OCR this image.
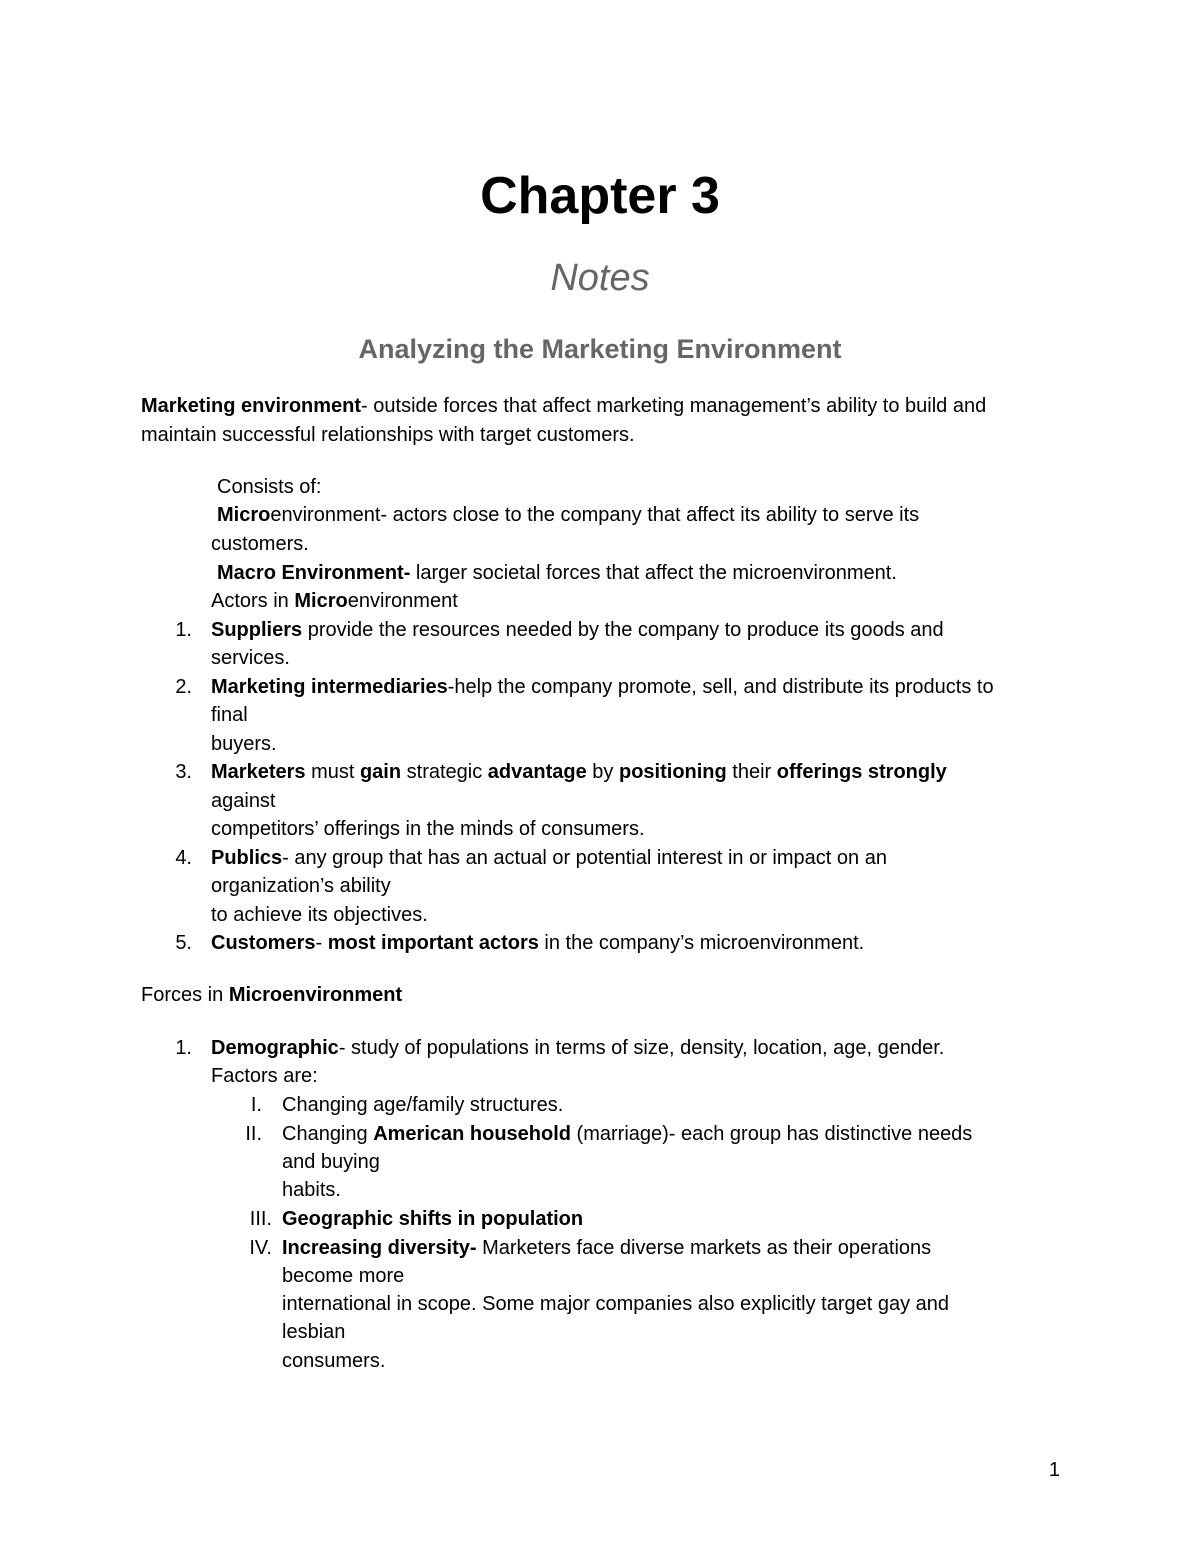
Chapter 3
Notes
Analyzing the Marketing Environment
Marketing environment- outside forces that affect marketing management’s ability to build and
maintain successful relationships with target customers.
Consists of:
Microenvironment- actors close to the company that affect its ability to serve its
customers.
Macro Environment- larger societal forces that affect the microenvironment.
Actors in Microenvironment
1. Suppliers provide the resources needed by the company to produce its goods and
services.
2. Marketing intermediaries-help the company promote, sell, and distribute its products to
final
buyers.
3. Marketers must gain strategic advantage by positioning their offerings strongly
against
competitors’ offerings in the minds of consumers.
4. Publics- any group that has an actual or potential interest in or impact on an
organization’s ability
to achieve its objectives.
5. Customers- most important actors in the company’s microenvironment.
Forces in Microenvironment
1. Demographic- study of populations in terms of size, density, location, age, gender.
Factors are:
I. Changing age/family structures.
II. Changing American household (marriage)- each group has distinctive needs
and buying
habits.
III. Geographic shifts in population
IV. Increasing diversity- Marketers face diverse markets as their operations
become more
international in scope. Some major companies also explicitly target gay and
lesbian
consumers.
1
